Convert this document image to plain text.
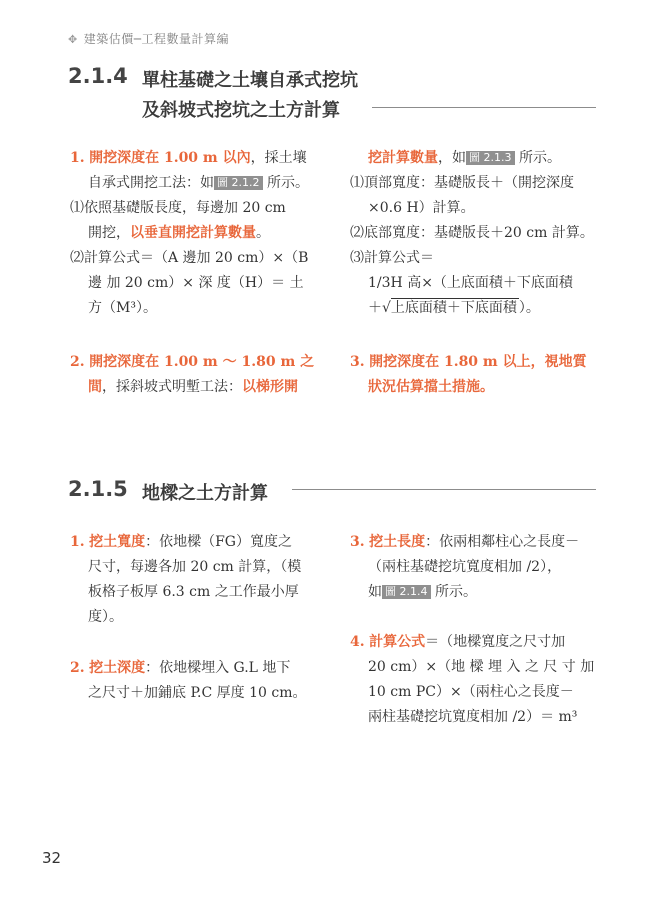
✥ 建築估價─工程數量計算編
2.1.4 單柱基礎之土壤自承式挖坑
及斜坡式挖坑之土方計算
1. 開挖深度在 1.00 m 以內，採土壤
自承式開挖工法：如 圖 2.1.2 所示。
⑴依照基礎版長度，每邊加 20 cm
開挖，以垂直開挖計算數量。
⑵計算公式＝（A 邊加 20 cm）×（B
邊 加 20 cm）× 深 度（H）＝ 土
方（M³）。
2. 開挖深度在 1.00 m ～ 1.80 m 之
間，採斜坡式明塹工法：以梯形開
挖計算數量，如 圖 2.1.3 所示。
⑴頂部寬度：基礎版長＋（開挖深度
×0.6 H）計算。
⑵底部寬度：基礎版長＋20 cm 計算。
⑶計算公式＝
1/3H 高×（上底面積＋下底面積
＋√上底面積＋下底面積 ）。
3. 開挖深度在 1.80 m 以上，視地質
狀況估算擋土措施。
2.1.5 地樑之土方計算
1. 挖土寬度：依地樑（FG）寬度之
尺寸，每邊各加 20 cm 計算，（模
板格子板厚 6.3 cm 之工作最小厚
度）。
2. 挖土深度：依地樑埋入 G.L 地下
之尺寸＋加鋪底 P.C 厚度 10 cm。
3. 挖土長度：依兩相鄰柱心之長度－
（兩柱基礎挖坑寬度相加 /2），
如 圖 2.1.4 所示。
4. 計算公式＝（地樑寬度之尺寸加
20 cm）×（地 樑 埋 入 之 尺 寸 加
10 cm PC）×（兩柱心之長度－
兩柱基礎挖坑寬度相加 /2）＝ m³
32
